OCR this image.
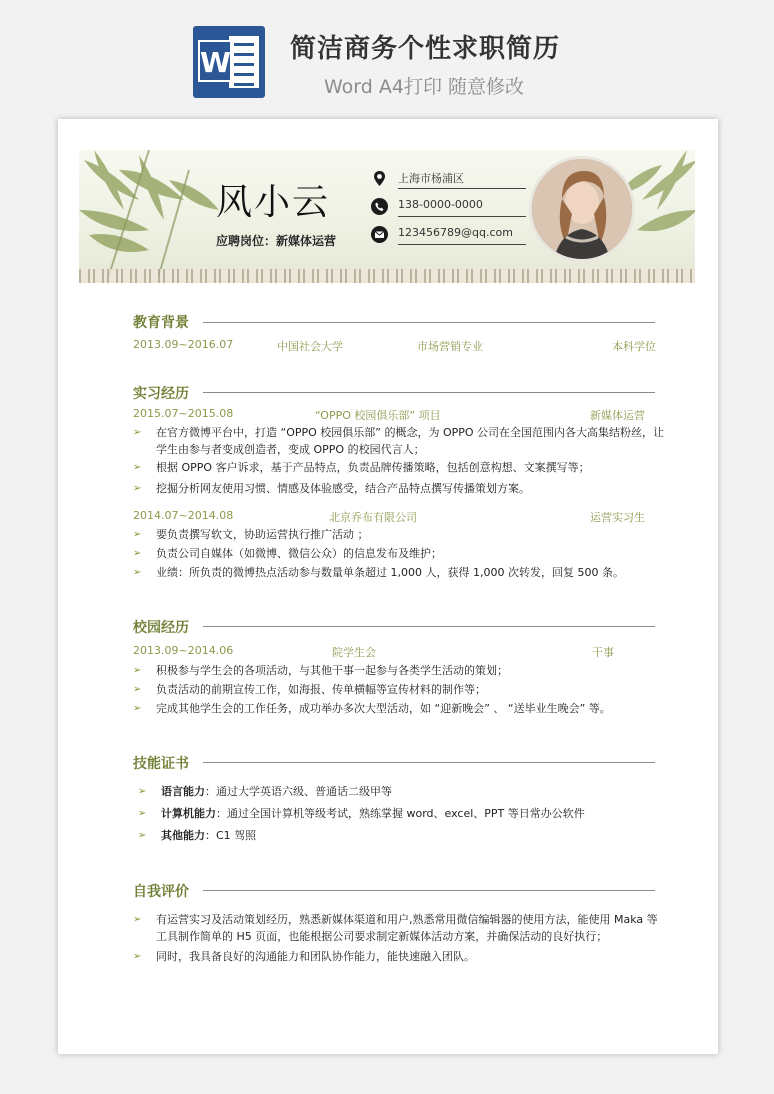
W 简洁商务个性求职简历
Word A4打印 随意修改
风小云
应聘岗位：新媒体运营
上海市杨浦区
138-0000-0000
123456789@qq.com
教育背景
2013.09~2016.07	中国社会大学	市场营销专业	本科学位
实习经历
2015.07~2015.08	“OPPO 校园俱乐部” 项目	新媒体运营
➢	在官方微博平台中，打造 “OPPO 校园俱乐部” 的概念，为 OPPO 公司在全国范围内各大高集结粉丝，让学生由参与者变成创造者，变成 OPPO 的校园代言人；
➢	根据 OPPO 客户诉求，基于产品特点，负责品牌传播策略，包括创意构想、文案撰写等；
➢	挖掘分析网友使用习惯、情感及体验感受，结合产品特点撰写传播策划方案。
2014.07~2014.08	北京乔布有限公司	运营实习生
➢	要负责撰写软文，协助运营执行推广活动 ；
➢	负责公司自媒体（如微博、微信公众）的信息发布及维护；
➢	业绩：所负责的微博热点活动参与数量单条超过 1,000 人，获得 1,000 次转发，回复 500 条。
校园经历
2013.09~2014.06	院学生会	干事
➢	积极参与学生会的各项活动，与其他干事一起参与各类学生活动的策划；
➢	负责活动的前期宣传工作，如海报、传单横幅等宣传材料的制作等；
➢	完成其他学生会的工作任务，成功举办多次大型活动，如 “迎新晚会” 、 “送毕业生晚会” 等。
技能证书
➢	语言能力：通过大学英语六级、普通话二级甲等
➢	计算机能力：通过全国计算机等级考试，熟练掌握 word、excel、PPT 等日常办公软件
➢	其他能力：C1 驾照
自我评价
➢	有运营实习及活动策划经历，熟悉新媒体渠道和用户,熟悉常用微信编辑器的使用方法，能使用 Maka 等工具制作简单的 H5 页面，也能根据公司要求制定新媒体活动方案，并确保活动的良好执行；
➢	同时，我具备良好的沟通能力和团队协作能力，能快速融入团队。
